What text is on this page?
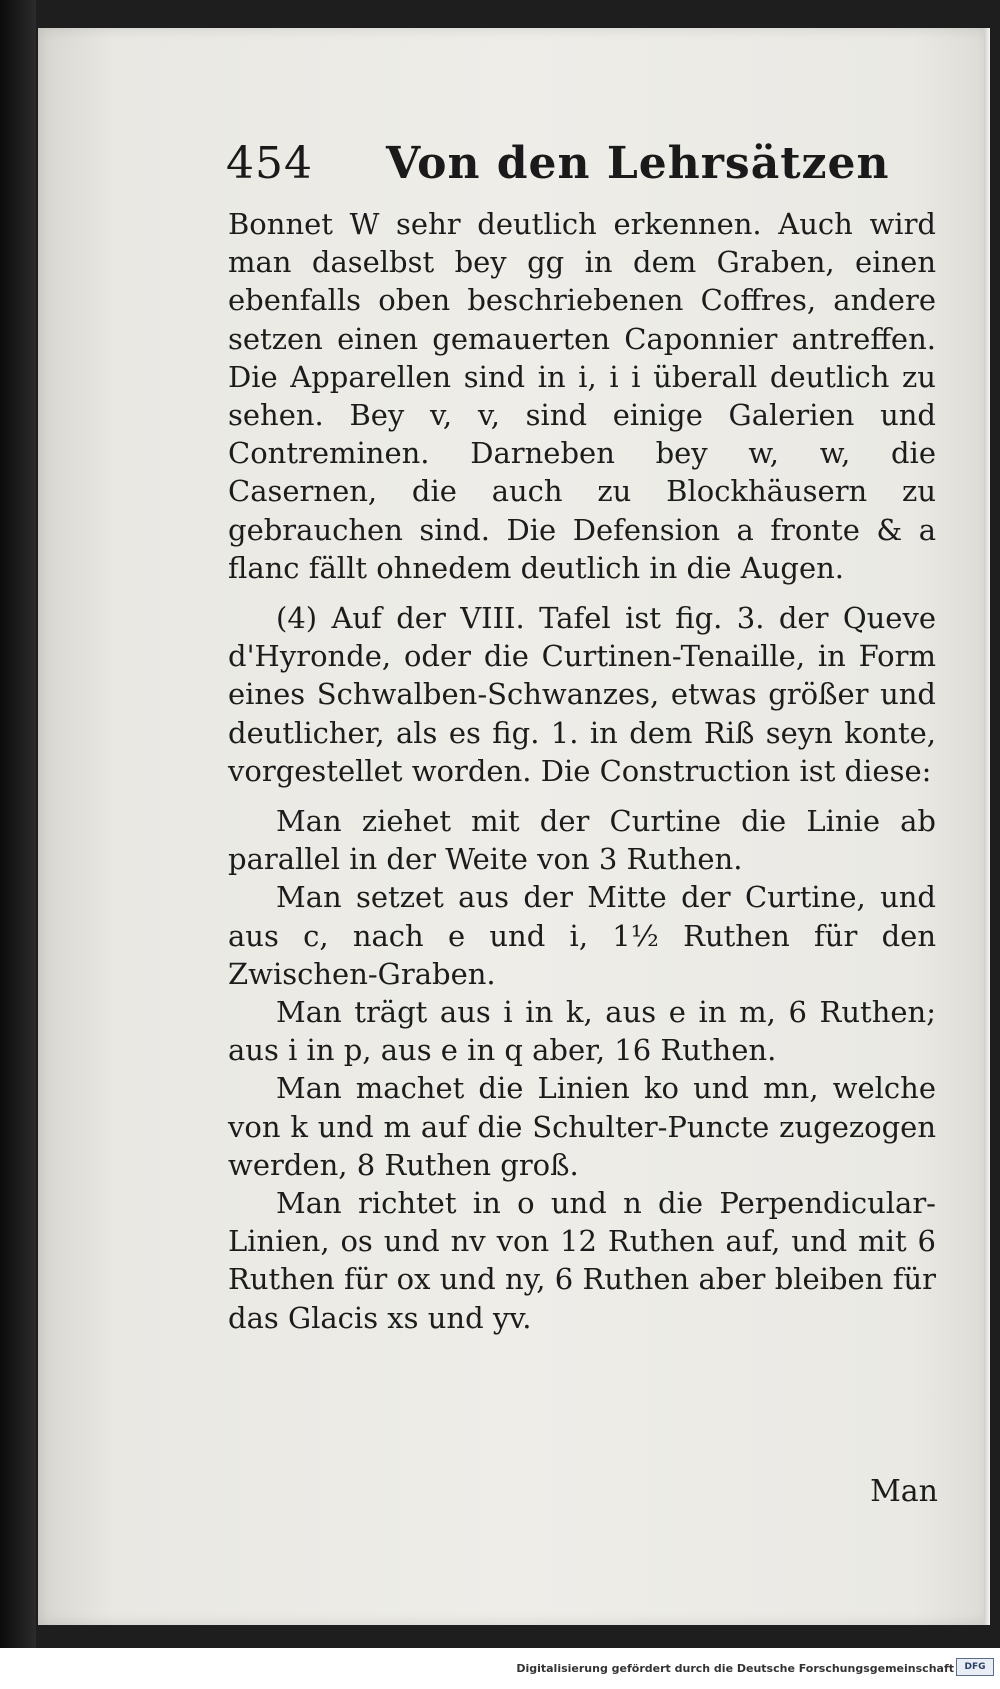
454 Von den Lehrsätzen

Bonnet W sehr deutlich erkennen. Auch wird man daselbst bey gg in dem Graben, einen ebenfalls oben beschriebenen Coffres, andere setzen einen gemauerten Caponnier antreffen. Die Apparellen sind in i, i i überall deutlich zu sehen. Bey v, v, sind einige Galerien und Contreminen. Darneben bey w, w, die Casernen, die auch zu Blockhäusern zu gebrauchen sind. Die Defension a fronte & a flanc fällt ohnedem deutlich in die Augen.

(4) Auf der VIII. Tafel ist fig. 3. der Queve d'Hyronde, oder die Curtinen-Tenaille, in Form eines Schwalben-Schwanzes, etwas größer und deutlicher, als es fig. 1. in dem Riß seyn konte, vorgestellet worden. Die Construction ist diese:

Man ziehet mit der Curtine die Linie ab parallel in der Weite von 3 Ruthen.

Man setzet aus der Mitte der Curtine, und aus c, nach e und i, 1½ Ruthen für den Zwischen-Graben.

Man trägt aus i in k, aus e in m, 6 Ruthen; aus i in p, aus e in q aber, 16 Ruthen.

Man machet die Linien ko und mn, welche von k und m auf die Schulter-Puncte zugezogen werden, 8 Ruthen groß.

Man richtet in o und n die Perpendicular-Linien, os und nv von 12 Ruthen auf, und mit 6 Ruthen für ox und ny, 6 Ruthen aber bleiben für das Glacis xs und yv.

Man
Digitalisierung gefördert durch die Deutsche Forschungsgemeinschaft	DFG
